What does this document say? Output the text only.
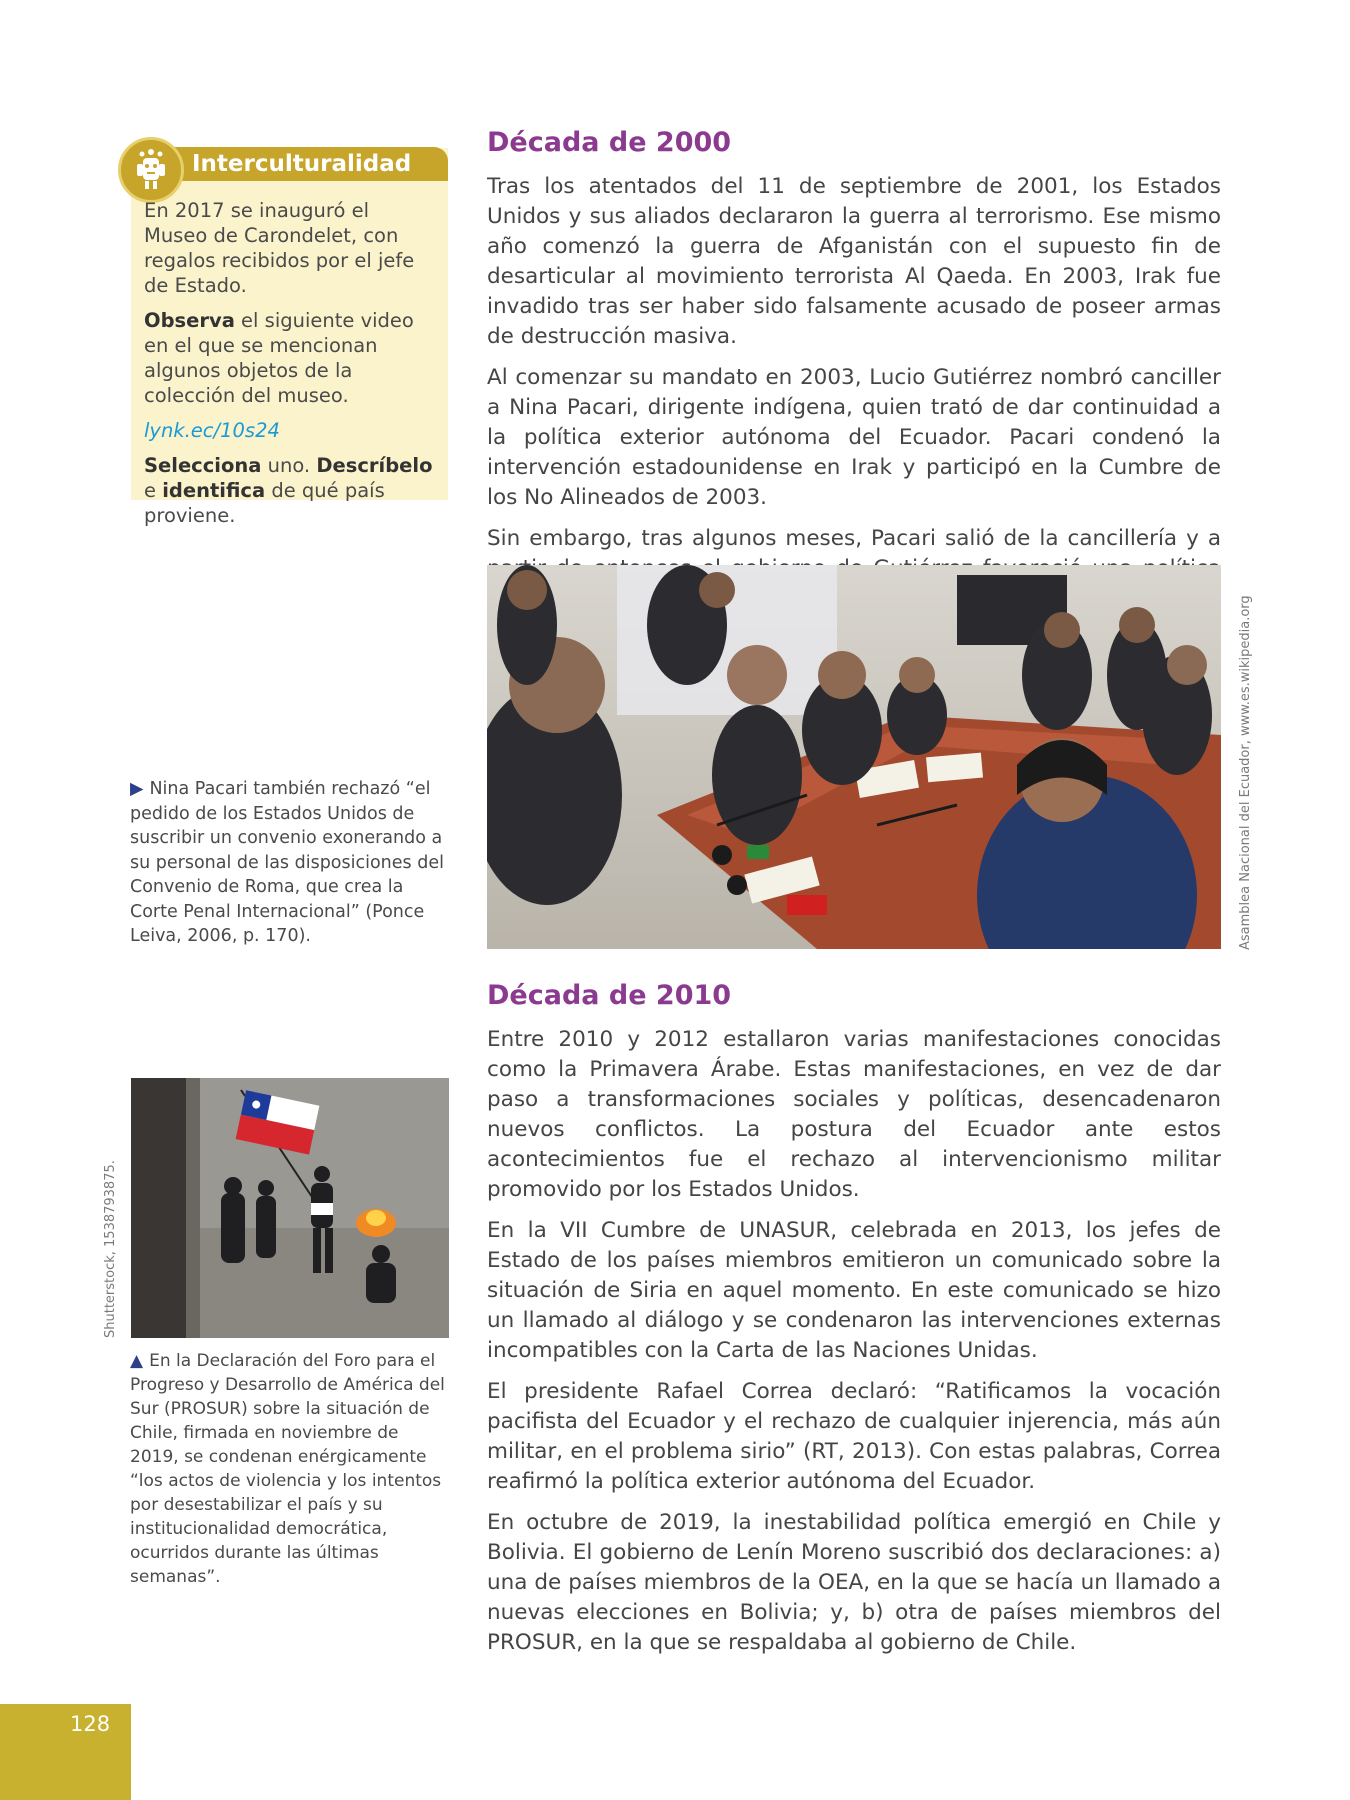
Interculturalidad

En 2017 se inauguró el Museo de Carondelet, con regalos recibidos por el jefe de Estado.

Observa el siguiente video en el que se mencionan algunos objetos de la colección del museo.

lynk.ec/10s24

Selecciona uno. Descríbelo e identifica de qué país proviene.

Década de 2000

Tras los atentados del 11 de septiembre de 2001, los Estados Unidos y sus aliados declararon la guerra al terrorismo. Ese mismo año comenzó la guerra de Afganistán con el supuesto fin de desarticular al movimiento terrorista Al Qaeda. En 2003, Irak fue invadido tras ser haber sido falsamente acusado de poseer armas de destrucción masiva.

Al comenzar su mandato en 2003, Lucio Gutiérrez nombró canciller a Nina Pacari, dirigente indígena, quien trató de dar continuidad a la política exterior autónoma del Ecuador. Pacari condenó la intervención estadounidense en Irak y participó en la Cumbre de los No Alineados de 2003.

Sin embargo, tras algunos meses, Pacari salió de la cancillería y a

Asamblea Nacional del Ecuador, www.es.wikipedia.org
▶ Nina Pacari también rechazó “el pedido de los Estados Unidos de suscribir un convenio exonerando a su personal de las disposiciones del Convenio de Roma, que crea la Corte Penal Internacional” (Ponce Leiva, 2006, p. 170).
Década de 2010

Entre 2010 y 2012 estallaron varias manifestaciones conocidas como la Primavera Árabe. Estas manifestaciones, en vez de dar paso a transformaciones sociales y políticas, desencadenaron nuevos conflictos. La postura del Ecuador ante estos acontecimientos fue el rechazo al intervencionismo militar promovido por los Estados Unidos.

En la VII Cumbre de UNASUR, celebrada en 2013, los jefes de Estado de los países miembros emitieron un comunicado sobre la situación de Siria en aquel momento. En este comunicado se hizo un llamado al diálogo y se condenaron las intervenciones externas incompatibles con la Carta de las Naciones Unidas.

El presidente Rafael Correa declaró: “Ratificamos la vocación pacifista del Ecuador y el rechazo de cualquier injerencia, más aún militar, en el problema sirio” (RT, 2013). Con estas palabras, Correa reafirmó la política exterior autónoma del Ecuador.

En octubre de 2019, la inestabilidad política emergió en Chile y Bolivia. El gobierno de Lenín Moreno suscribió dos declaraciones: a) una de países miembros de la OEA, en la que se hacía un llamado a nuevas elecciones en Bolivia; y, b) otra de países miembros del PROSUR, en la que se respaldaba al gobierno de Chile.

Shutterstock, 1538793875.
▲ En la Declaración del Foro para el Progreso y Desarrollo de América del Sur (PROSUR) sobre la situación de Chile, firmada en noviembre de 2019, se condenan enérgicamente “los actos de violencia y los intentos por desestabilizar el país y su institucionalidad democrática, ocurridos durante las últimas semanas”.
128
